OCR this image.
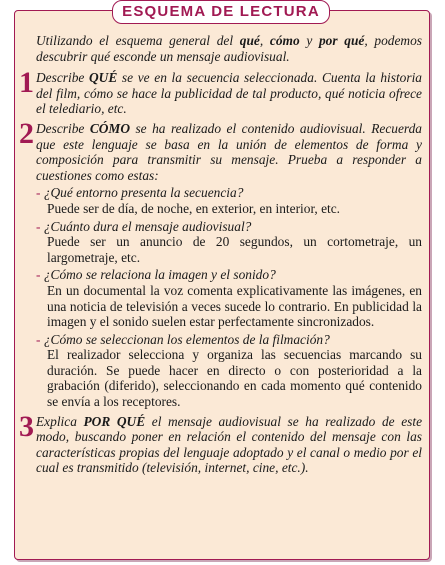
ESQUEMA DE LECTURA

Utilizando el esquema general del qué, cómo y por qué, podemos descubrir qué esconde un mensaje audiovisual.

1 Describe QUÉ se ve en la secuencia seleccionada. Cuenta la historia del film, cómo se hace la publicidad de tal producto, qué noticia ofrece el telediario, etc.

2 Describe CÓMO se ha realizado el contenido audiovisual. Recuerda que este lenguaje se basa en la unión de elementos de forma y composición para transmitir su mensaje. Prueba a responder a cuestiones como estas:

- ¿Qué entorno presenta la secuencia?
Puede ser de día, de noche, en exterior, en interior, etc.
- ¿Cuánto dura el mensaje audiovisual?
Puede ser un anuncio de 20 segundos, un cortometraje, un largometraje, etc.
- ¿Cómo se relaciona la imagen y el sonido?
En un documental la voz comenta explicativamente las imágenes, en una noticia de televisión a veces sucede lo contrario. En publicidad la imagen y el sonido suelen estar perfectamente sincronizados.
- ¿Cómo se seleccionan los elementos de la filmación?
El realizador selecciona y organiza las secuencias marcando su duración. Se puede hacer en directo o con posterioridad a la grabación (diferido), seleccionando en cada momento qué contenido se envía a los receptores.
3 Explica POR QUÉ el mensaje audiovisual se ha realizado de este modo, buscando poner en relación el contenido del mensaje con las características propias del lenguaje adoptado y el canal o medio por el cual es transmitido (televisión, internet, cine, etc.).
